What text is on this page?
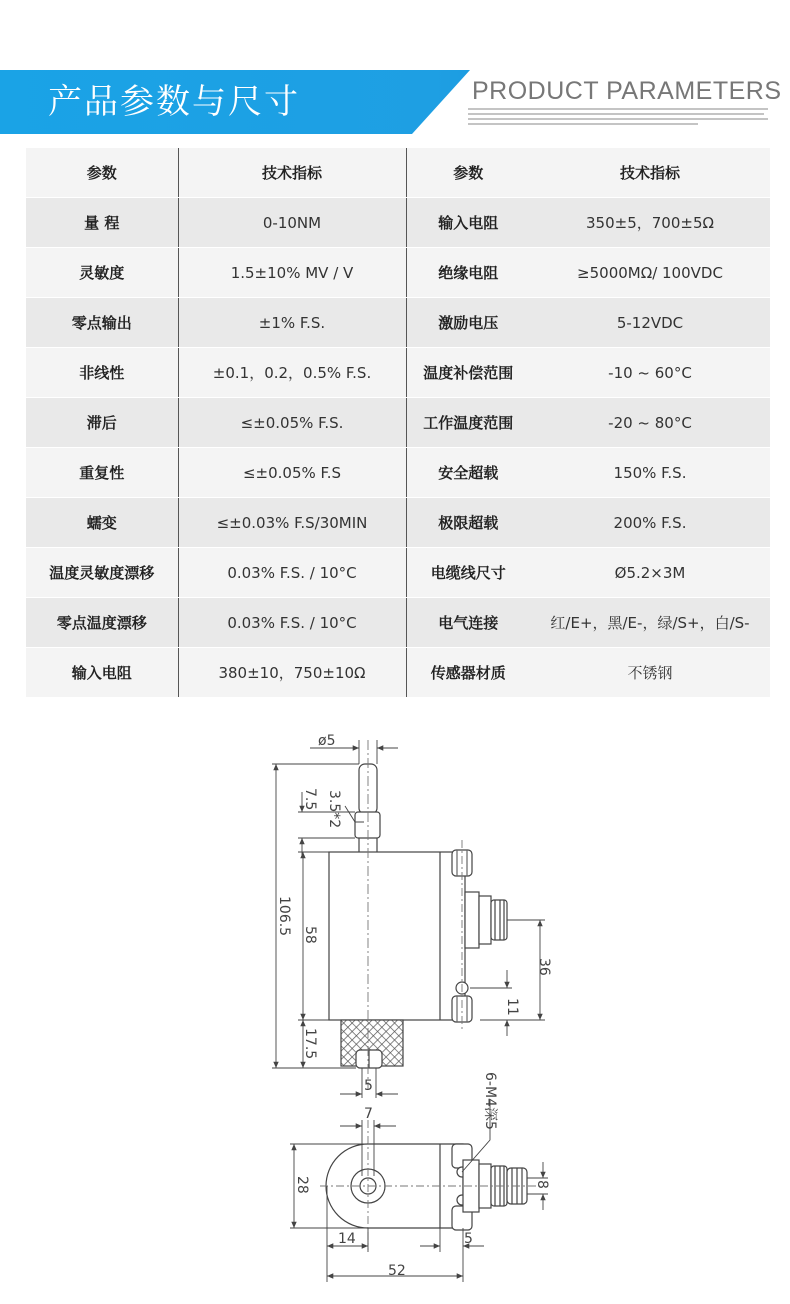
产品参数与尺寸	PRODUCT PARAMETERS
参数	技术指标	参数	技术指标
量 程	0-10NM	输入电阻	350±5，700±5Ω
灵敏度	1.5±10% MV / V	绝缘电阻	≥5000MΩ/ 100VDC
零点输出	±1% F.S.	激励电压	5-12VDC
非线性	±0.1，0.2，0.5% F.S.	温度补偿范围	-10 ~ 60°C
滞后	≤±0.05% F.S.	工作温度范围	-20 ~ 80°C
重复性	≤±0.05% F.S	安全超载	150% F.S.
蠕变	≤±0.03% F.S/30MIN	极限超载	200% F.S.
温度灵敏度漂移	0.03% F.S. / 10°C	电缆线尺寸	Ø5.2×3M
零点温度漂移	0.03% F.S. / 10°C	电气连接	红/E+，黑/E-，绿/S+，白/S-
输入电阻	380±10，750±10Ω	传感器材质	不锈钢
ø5
3.5*2
7.5
106.5 58
17.5
5
36
11
7	6-M4深5
28	8
14	5
52
